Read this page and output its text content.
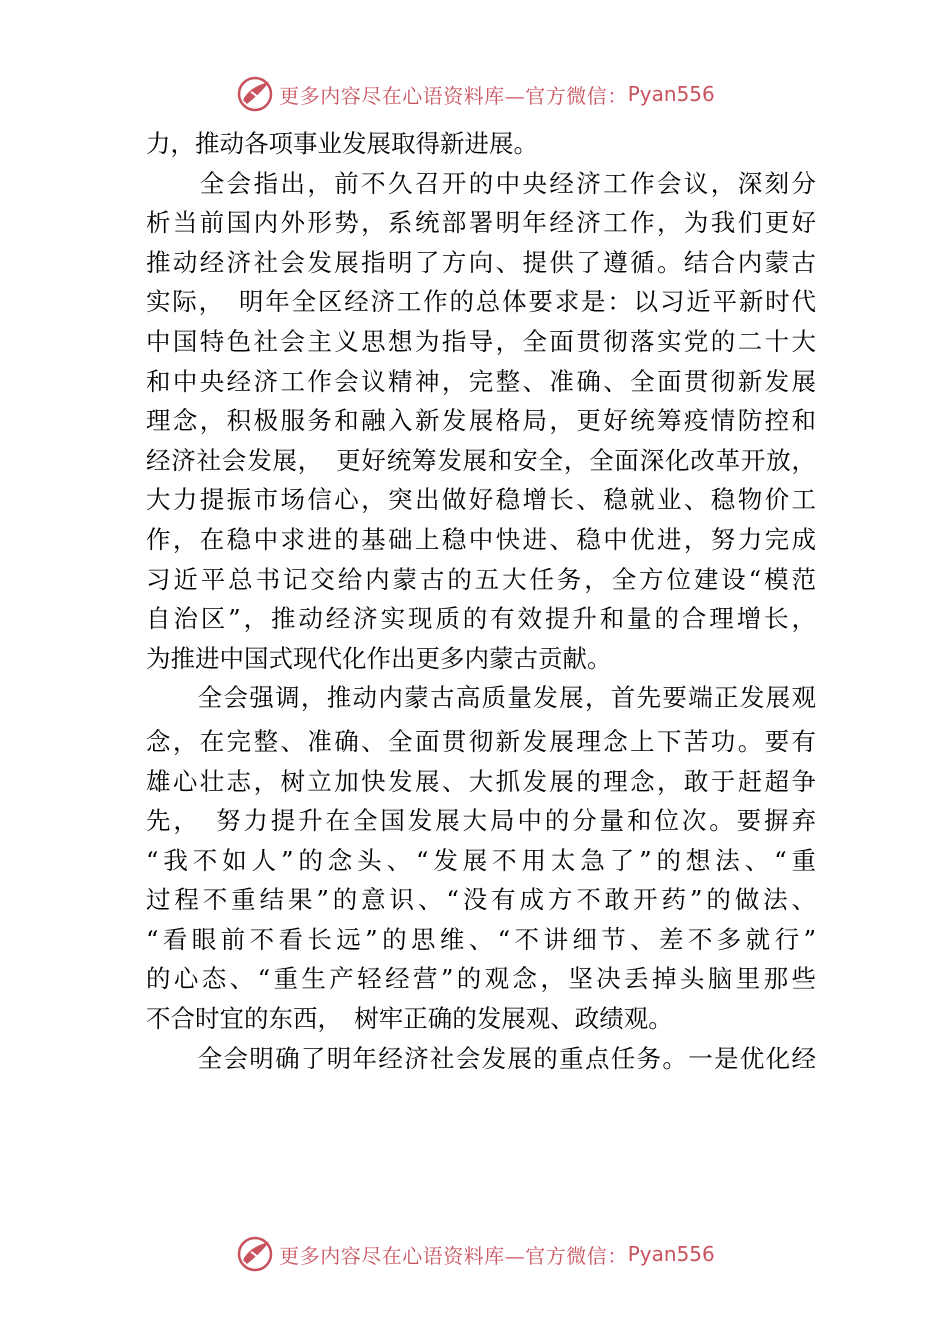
更多内容尽在心语资料库—官方微信： Pyan556
力，推动各项事业发展取得新进展。
　　全会指出，前不久召开的中央经济工作会议，深刻分
析当前国内外形势，系统部署明年经济工作，为我们更好
推动经济社会发展指明了方向、提供了遵循。结合内蒙古
实际，　明年全区经济工作的总体要求是：以习近平新时代
中国特色社会主义思想为指导，全面贯彻落实党的二十大
和中央经济工作会议精神，完整、准确、全面贯彻新发展
理念，积极服务和融入新发展格局，更好统筹疫情防控和
经济社会发展，　更好统筹发展和安全，全面深化改革开放，
大力提振市场信心，突出做好稳增长、稳就业、稳物价工
作，在稳中求进的基础上稳中快进、稳中优进，努力完成
习近平总书记交给内蒙古的五大任务，全方位建设“模范
自治区”，推动经济实现质的有效提升和量的合理增长，
为推进中国式现代化作出更多内蒙古贡献。
　　全会强调，推动内蒙古高质量发展，首先要端正发展观
念，在完整、准确、全面贯彻新发展理念上下苦功。要有
雄心壮志，树立加快发展、大抓发展的理念，敢于赶超争
先，　努力提升在全国发展大局中的分量和位次。要摒弃
“我不如人”的念头、“发展不用太急了”的想法、“重
过程不重结果”的意识、“没有成方不敢开药”的做法、
“看眼前不看长远”的思维、“不讲细节、差不多就行”
的心态、“重生产轻经营”的观念，坚决丢掉头脑里那些
不合时宜的东西，　树牢正确的发展观、政绩观。
　　全会明确了明年经济社会发展的重点任务。一是优化经
更多内容尽在心语资料库—官方微信： Pyan556
